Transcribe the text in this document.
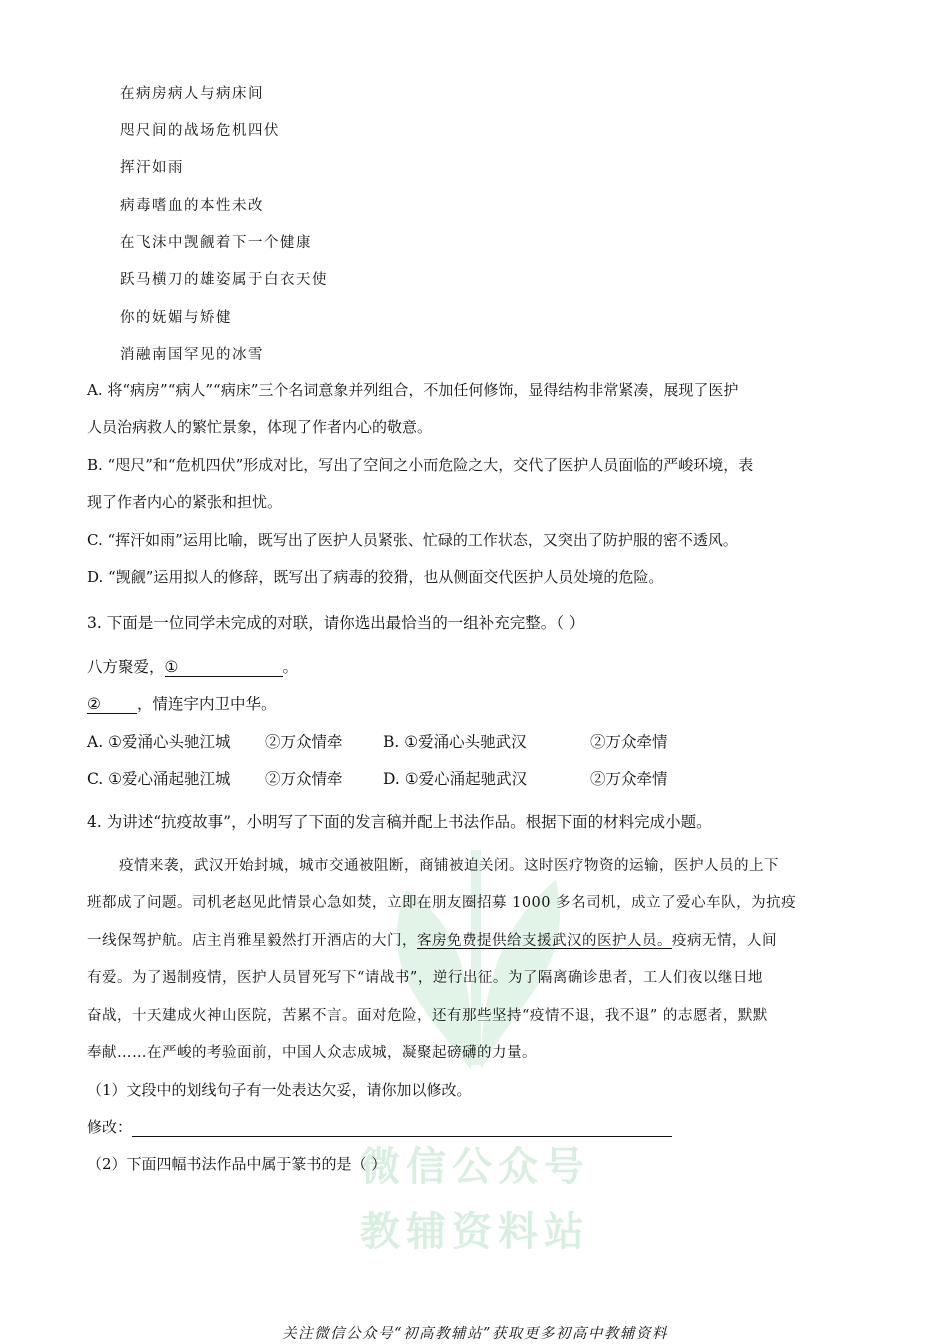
在病房病人与病床间
咫尺间的战场危机四伏
挥汗如雨
病毒嗜血的本性未改
在飞沫中觊觎着下一个健康
跃马横刀的雄姿属于白衣天使
你的妩媚与矫健
消融南国罕见的冰雪
A. 将“病房”“病人”“病床”三个名词意象并列组合，不加任何修饰，显得结构非常紧凑，展现了医护
人员治病救人的繁忙景象，体现了作者内心的敬意。
B. “咫尺”和“危机四伏”形成对比，写出了空间之小而危险之大，交代了医护人员面临的严峻环境，表
现了作者内心的紧张和担忧。
C. “挥汗如雨”运用比喻，既写出了医护人员紧张、忙碌的工作状态，又突出了防护服的密不透风。
D. “觊觎”运用拟人的修辞，既写出了病毒的狡猾，也从侧面交代医护人员处境的危险。
3. 下面是一位同学未完成的对联，请你选出最恰当的一组补充完整。（ ）
八方聚爱，①	。
② ，情连宇内卫中华。
A. ①爱涌心头驰江城 ②万众情牵	B. ①爱涌心头驰武汉	②万众牵情
C. ①爱心涌起驰江城 ②万众情牵	D. ①爱心涌起驰武汉	②万众牵情
微信公众号
教辅资料站
4. 为讲述“抗疫故事”，小明写了下面的发言稿并配上书法作品。根据下面的材料完成小题。
疫情来袭，武汉开始封城，城市交通被阻断，商铺被迫关闭。这时医疗物资的运输，医护人员的上下
班都成了问题。司机老赵见此情景心急如焚，立即在朋友圈招募 1000 多名司机，成立了爱心车队，为抗疫
一线保驾护航。店主肖雅星毅然打开酒店的大门，客房免费提供给支援武汉的医护人员。疫病无情，人间
有爱。为了遏制疫情，医护人员冒死写下“请战书”，逆行出征。为了隔离确诊患者，工人们夜以继日地
奋战，十天建成火神山医院，苦累不言。面对危险，还有那些坚持“疫情不退，我不退” 的志愿者，默默
奉献……在严峻的考验面前，中国人众志成城，凝聚起磅礴的力量。
（1）文段中的划线句子有一处表达欠妥，请你加以修改。
修改：
（2）下面四幅书法作品中属于篆书的是（ ）
关注微信公众号“初高教辅站”获取更多初高中教辅资料
